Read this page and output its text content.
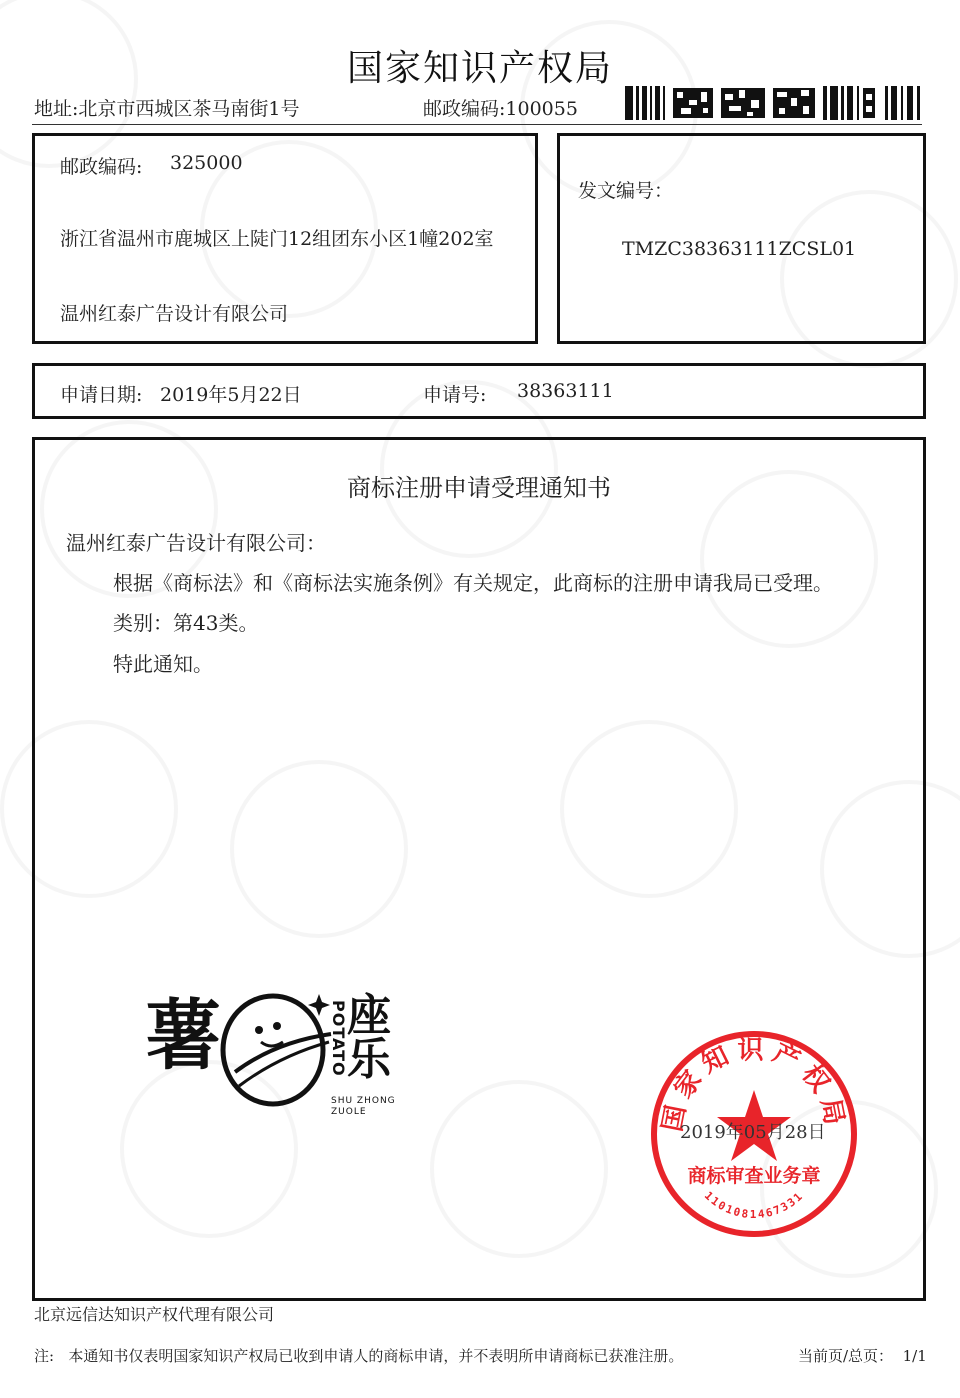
国家知识产权局
地址:北京市西城区茶马南街1号	邮政编码:100055
邮政编码: 325000
浙江省温州市鹿城区上陡门12组团东小区1幢202室
温州红泰广告设计有限公司
发文编号：
TMZC38363111ZCSL01
申请日期: 2019年5月22日	申请号: 38363111
商标注册申请受理通知书
温州红泰广告设计有限公司：
根据《商标法》和《商标法实施条例》有关规定，此商标的注册申请我局已受理。
类别：第43类。
特此通知。
薯	POTATO 座乐
SHU ZHONG
ZUOLE	国家知识产权局
商标审查业务章
1101081467331
2019年05月28日
北京远信达知识产权代理有限公司
注:   本通知书仅表明国家知识产权局已收到申请人的商标申请，并不表明所申请商标已获准注册。	当前页/总页：  1/1
